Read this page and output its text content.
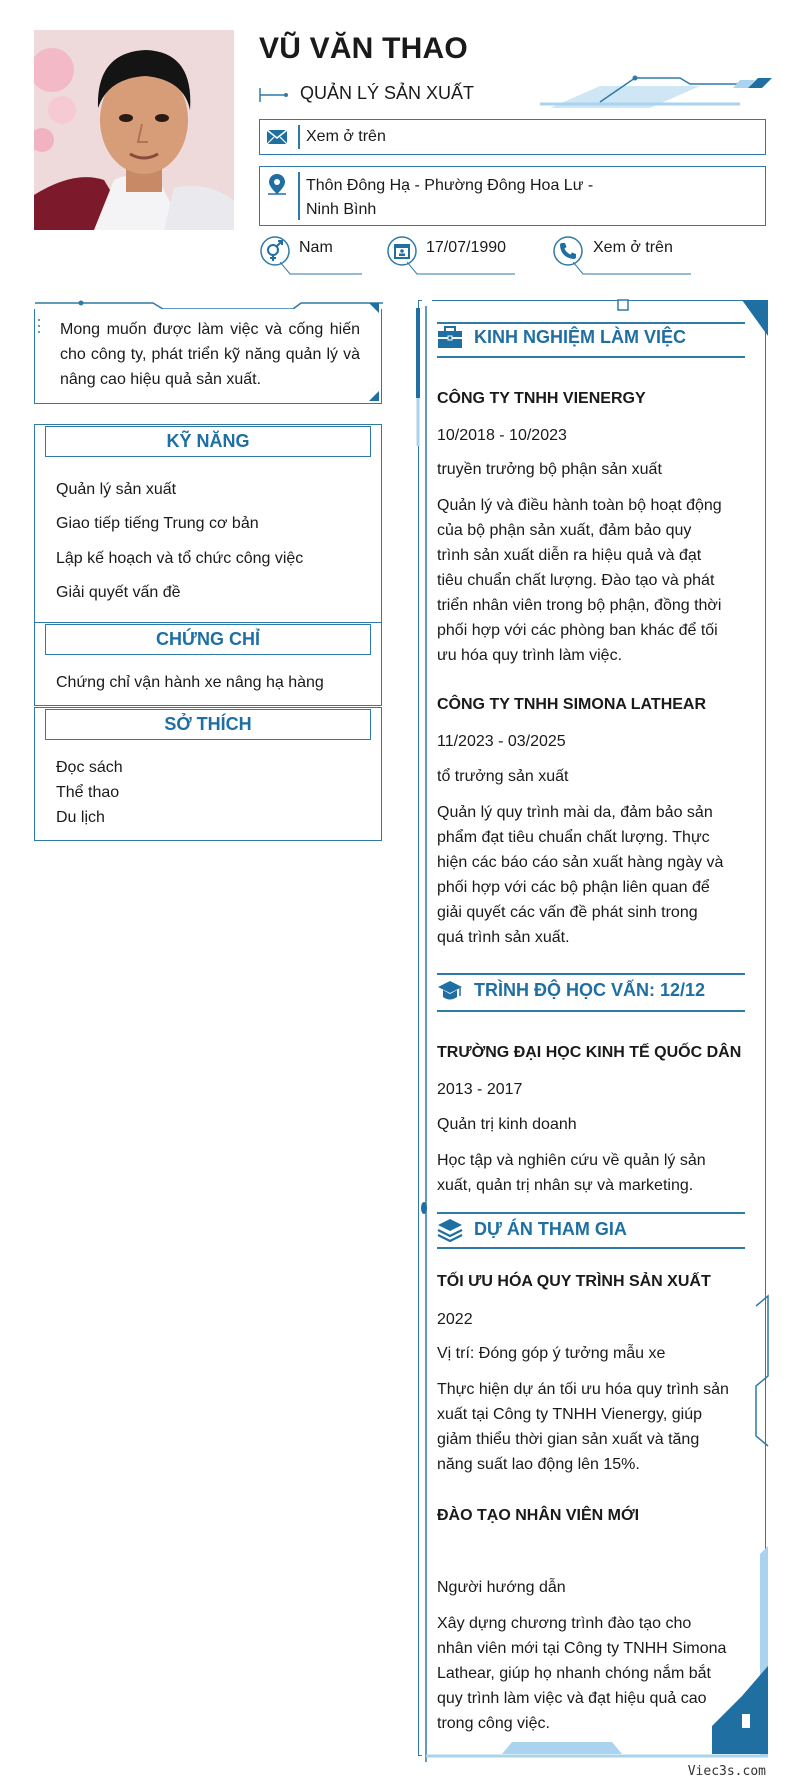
VŨ VĂN THAO
QUẢN LÝ SẢN XUẤT
Xem ở trên
Thôn Đông Hạ - Phường Đông Hoa Lư -
Ninh Bình
Nam	17/07/1990	Xem ở trên

Mong muốn được làm việc và cống hiến cho công ty, phát triển kỹ năng quản lý và nâng cao hiệu quả sản xuất.

KỸ NĂNG
Quản lý sản xuất
Giao tiếp tiếng Trung cơ bản
Lập kế hoạch và tổ chức công việc
Giải quyết vấn đề
CHỨNG CHỈ
Chứng chỉ vận hành xe nâng hạ hàng
SỞ THÍCH
Đọc sách
Thể thao
Du lịch
KINH NGHIỆM LÀM VIỆC
CÔNG TY TNHH VIENERGY
10/2018 - 10/2023
truyền trưởng bộ phận sản xuất
Quản lý và điều hành toàn bộ hoạt động
của bộ phận sản xuất, đảm bảo quy
trình sản xuất diễn ra hiệu quả và đạt
tiêu chuẩn chất lượng. Đào tạo và phát
triển nhân viên trong bộ phận, đồng thời
phối hợp với các phòng ban khác để tối
ưu hóa quy trình làm việc.
CÔNG TY TNHH SIMONA LATHEAR
11/2023 - 03/2025
tổ trưởng sản xuất
Quản lý quy trình mài da, đảm bảo sản
phẩm đạt tiêu chuẩn chất lượng. Thực
hiện các báo cáo sản xuất hàng ngày và
phối hợp với các bộ phận liên quan để
giải quyết các vấn đề phát sinh trong
quá trình sản xuất.
TRÌNH ĐỘ HỌC VẤN: 12/12
TRƯỜNG ĐẠI HỌC KINH TẾ QUỐC DÂN
2013 - 2017
Quản trị kinh doanh
Học tập và nghiên cứu về quản lý sản
xuất, quản trị nhân sự và marketing.
DỰ ÁN THAM GIA
TỐI ƯU HÓA QUY TRÌNH SẢN XUẤT
2022
Vị trí: Đóng góp ý tưởng mẫu xe
Thực hiện dự án tối ưu hóa quy trình sản
xuất tại Công ty TNHH Vienergy, giúp
giảm thiểu thời gian sản xuất và tăng
năng suất lao động lên 15%.
ĐÀO TẠO NHÂN VIÊN MỚI
Người hướng dẫn
Xây dựng chương trình đào tạo cho
nhân viên mới tại Công ty TNHH Simona
Lathear, giúp họ nhanh chóng nắm bắt
quy trình làm việc và đạt hiệu quả cao
trong công việc.
Viec3s.com
